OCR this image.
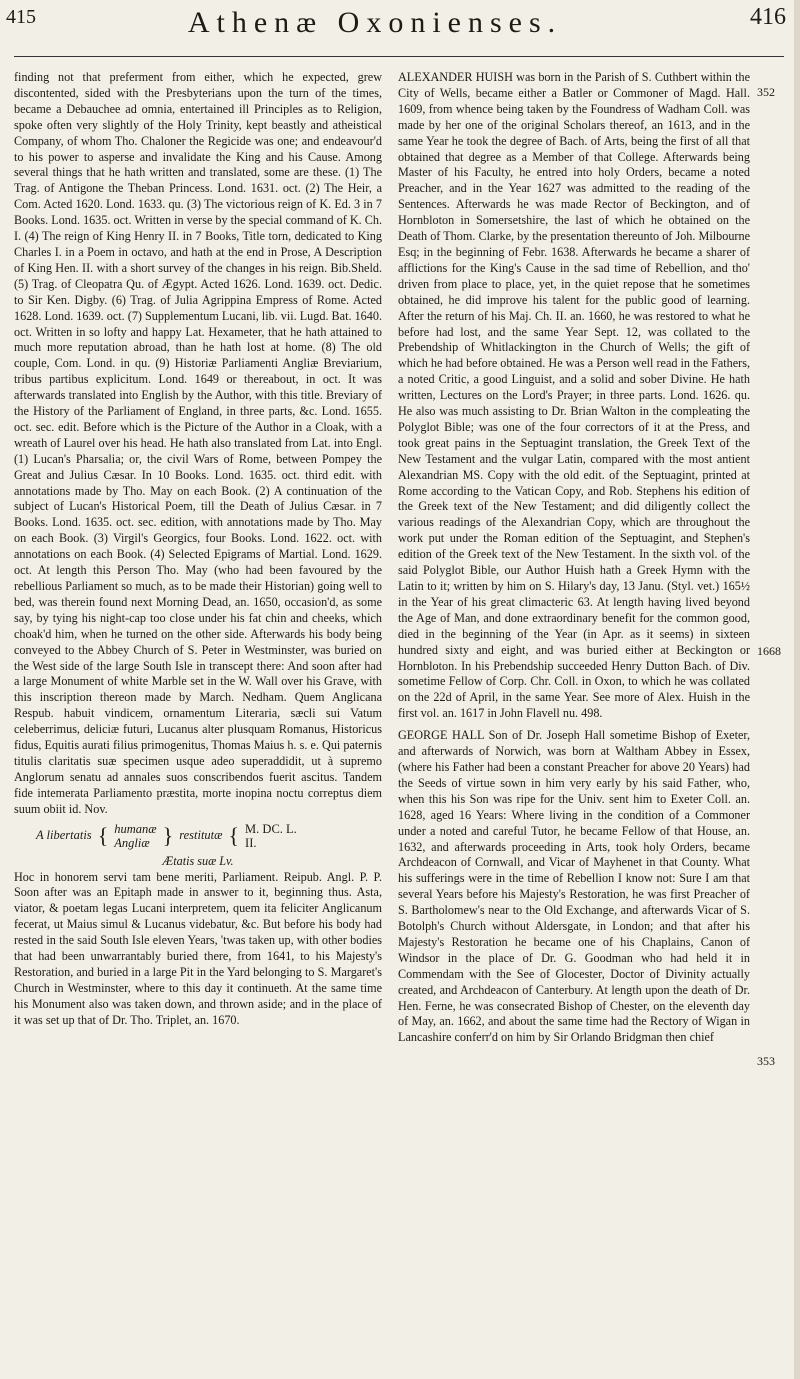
415	Athenæ Oxonienses.	416

finding not that preferment from either, which he expected, grew discontented, sided with the Presbyterians upon the turn of the times, became a Debauchee ad omnia, entertained ill Principles as to Religion, spoke often very slightly of the Holy Trinity, kept beastly and atheistical Company, of whom Tho. Chaloner the Regicide was one; and endeavour'd to his power to asperse and invalidate the King and his Cause. Among several things that he hath written and translated, some are these. (1) The Trag. of Antigone the Theban Princess. Lond. 1631. oct. (2) The Heir, a Com. Acted 1620. Lond. 1633. qu. (3) The victorious reign of K. Ed. 3 in 7 Books. Lond. 1635. oct. Written in verse by the special command of K. Ch. I. (4) The reign of King Henry II. in 7 Books, Title torn, dedicated to King Charles I. in a Poem in octavo, and hath at the end in Prose, A Description of King Hen. II. with a short survey of the changes in his reign. Bib.Sheld. (5) Trag. of Cleopatra Qu. of Ægypt. Acted 1626. Lond. 1639. oct. Dedic. to Sir Ken. Digby. (6) Trag. of Julia Agrippina Empress of Rome. Acted 1628. Lond. 1639. oct. (7) Supplementum Lucani, lib. vii. Lugd. Bat. 1640. oct. Written in so lofty and happy Lat. Hexameter, that he hath attained to much more reputation abroad, than he hath lost at home. (8) The old couple, Com. Lond. in qu. (9) Historiæ Parliamenti Angliæ Breviarium, tribus partibus explicitum. Lond. 1649 or thereabout, in oct. It was afterwards translated into English by the Author, with this title. Breviary of the History of the Parliament of England, in three parts, &c. Lond. 1655. oct. sec. edit. Before which is the Picture of the Author in a Cloak, with a wreath of Laurel over his head. He hath also translated from Lat. into Engl. (1) Lucan's Pharsalia; or, the civil Wars of Rome, between Pompey the Great and Julius Cæsar. In 10 Books. Lond. 1635. oct. third edit. with annotations made by Tho. May on each Book. (2) A continuation of the subject of Lucan's Historical Poem, till the Death of Julius Cæsar. in 7 Books. Lond. 1635. oct. sec. edition, with annotations made by Tho. May on each Book. (3) Virgil's Georgics, four Books. Lond. 1622. oct. with annotations on each Book. (4) Selected Epigrams of Martial. Lond. 1629. oct. At length this Person Tho. May (who had been favoured by the rebellious Parliament so much, as to be made their Historian) going well to bed, was therein found next Morning Dead, an. 1650, occasion'd, as some say, by tying his night-cap too close under his fat chin and cheeks, which choak'd him, when he turned on the other side. Afterwards his body being conveyed to the Abbey Church of S. Peter in Westminster, was buried on the West side of the large South Isle in transcept there: And soon after had a large Monument of white Marble set in the W. Wall over his Grave, with this inscription thereon made by March. Nedham. Quem Anglicana Respub. habuit vindicem, ornamentum Literaria, sæcli sui Vatum celeberrimus, deliciæ futuri, Lucanus alter plusquam Romanus, Historicus fidus, Equitis aurati filius primogenitus, Thomas Maius h. s. e. Qui paternis titulis claritatis suæ specimen usque adeo superaddidit, ut à supremo Anglorum senatu ad annales suos conscribendos fuerit ascitus. Tandem fide intemerata Parliamento præstita, morte inopina noctu correptus diem suum obiit id. Nov.

A libertatis { humanæ
Angliæ } restitutæ { M. DC. L.
II.

Ætatis suæ Lv.

Hoc in honorem servi tam bene meriti, Parliament. Reipub. Angl. P. P. Soon after was an Epitaph made in answer to it, beginning thus. Asta, viator, & poetam legas Lucani interpretem, quem ita feliciter Anglicanum fecerat, ut Maius simul & Lucanus videbatur, &c. But before his body had rested in the said South Isle eleven Years, 'twas taken up, with other bodies that had been unwarrantably buried there, from 1641, to his Majesty's Restoration, and buried in a large Pit in the Yard belonging to S. Margaret's Church in Westminster, where to this day it continueth. At the same time his Monument also was taken down, and thrown aside; and in the place of it was set up that of Dr. Tho. Triplet, an. 1670.

ALEXANDER HUISH was born in the Parish of S. Cuthbert within the City of Wells, became either a Batler or Commoner of Magd. Hall. 1609, from whence being taken by the Foundress of Wadham Coll. was made by her one of the original Scholars thereof, an 1613, and in the same Year he took the degree of Bach. of Arts, being the first of all that obtained that degree as a Member of that College. Afterwards being Master of his Faculty, he entred into holy Orders, became a noted Preacher, and in the Year 1627 was admitted to the reading of the Sentences. Afterwards he was made Rector of Beckington, and of Hornbloton in Somersetshire, the last of which he obtained on the Death of Thom. Clarke, by the presentation thereunto of Joh. Milbourne Esq; in the beginning of Febr. 1638. Afterwards he became a sharer of afflictions for the King's Cause in the sad time of Rebellion, and tho' driven from place to place, yet, in the quiet repose that he sometimes obtained, he did improve his talent for the public good of learning. After the return of his Maj. Ch. II. an. 1660, he was restored to what he before had lost, and the same Year Sept. 12, was collated to the Prebendship of Whitlackington in the Church of Wells; the gift of which he had before obtained. He was a Person well read in the Fathers, a noted Critic, a good Linguist, and a solid and sober Divine. He hath written, Lectures on the Lord's Prayer; in three parts. Lond. 1626. qu. He also was much assisting to Dr. Brian Walton in the compleating the Polyglot Bible; was one of the four correctors of it at the Press, and took great pains in the Septuagint translation, the Greek Text of the New Testament and the vulgar Latin, compared with the most antient Alexandrian MS. Copy with the old edit. of the Septuagint, printed at Rome according to the Vatican Copy, and Rob. Stephens his edition of the Greek text of the New Testament; and did diligently collect the various readings of the Alexandrian Copy, which are throughout the work put under the Roman edition of the Septuagint, and Stephen's edition of the Greek text of the New Testament. In the sixth vol. of the said Polyglot Bible, our Author Huish hath a Greek Hymn with the Latin to it; written by him on S. Hilary's day, 13 Janu. (Styl. vet.) 165½ in the Year of his great climacteric 63. At length having lived beyond the Age of Man, and done extraordinary benefit for the common good, died in the beginning of the Year (in Apr. as it seems) in sixteen hundred sixty and eight, and was buried either at Beckington or Hornbloton. In his Prebendship succeeded Henry Dutton Bach. of Div. sometime Fellow of Corp. Chr. Coll. in Oxon, to which he was collated on the 22d of April, in the same Year. See more of Alex. Huish in the first vol. an. 1617 in John Flavell nu. 498.

GEORGE HALL Son of Dr. Joseph Hall sometime Bishop of Exeter, and afterwards of Norwich, was born at Waltham Abbey in Essex, (where his Father had been a constant Preacher for above 20 Years) had the Seeds of virtue sown in him very early by his said Father, who, when this his Son was ripe for the Univ. sent him to Exeter Coll. an. 1628, aged 16 Years: Where living in the condition of a Commoner under a noted and careful Tutor, he became Fellow of that House, an. 1632, and afterwards proceeding in Arts, took holy Orders, became Archdeacon of Cornwall, and Vicar of Mayhenet in that County. What his sufferings were in the time of Rebellion I know not: Sure I am that several Years before his Majesty's Restoration, he was first Preacher of S. Bartholomew's near to the Old Exchange, and afterwards Vicar of S. Botolph's Church without Aldersgate, in London; and that after his Majesty's Restoration he became one of his Chaplains, Canon of Windsor in the place of Dr. G. Goodman who had held it in Commendam with the See of Glocester, Doctor of Divinity actually created, and Archdeacon of Canterbury. At length upon the death of Dr. Hen. Ferne, he was consecrated Bishop of Chester, on the eleventh day of May, an. 1662, and about the same time had the Rectory of Wigan in Lancashire conferr'd on him by Sir Orlando Bridgman then chief

352
1668
353
